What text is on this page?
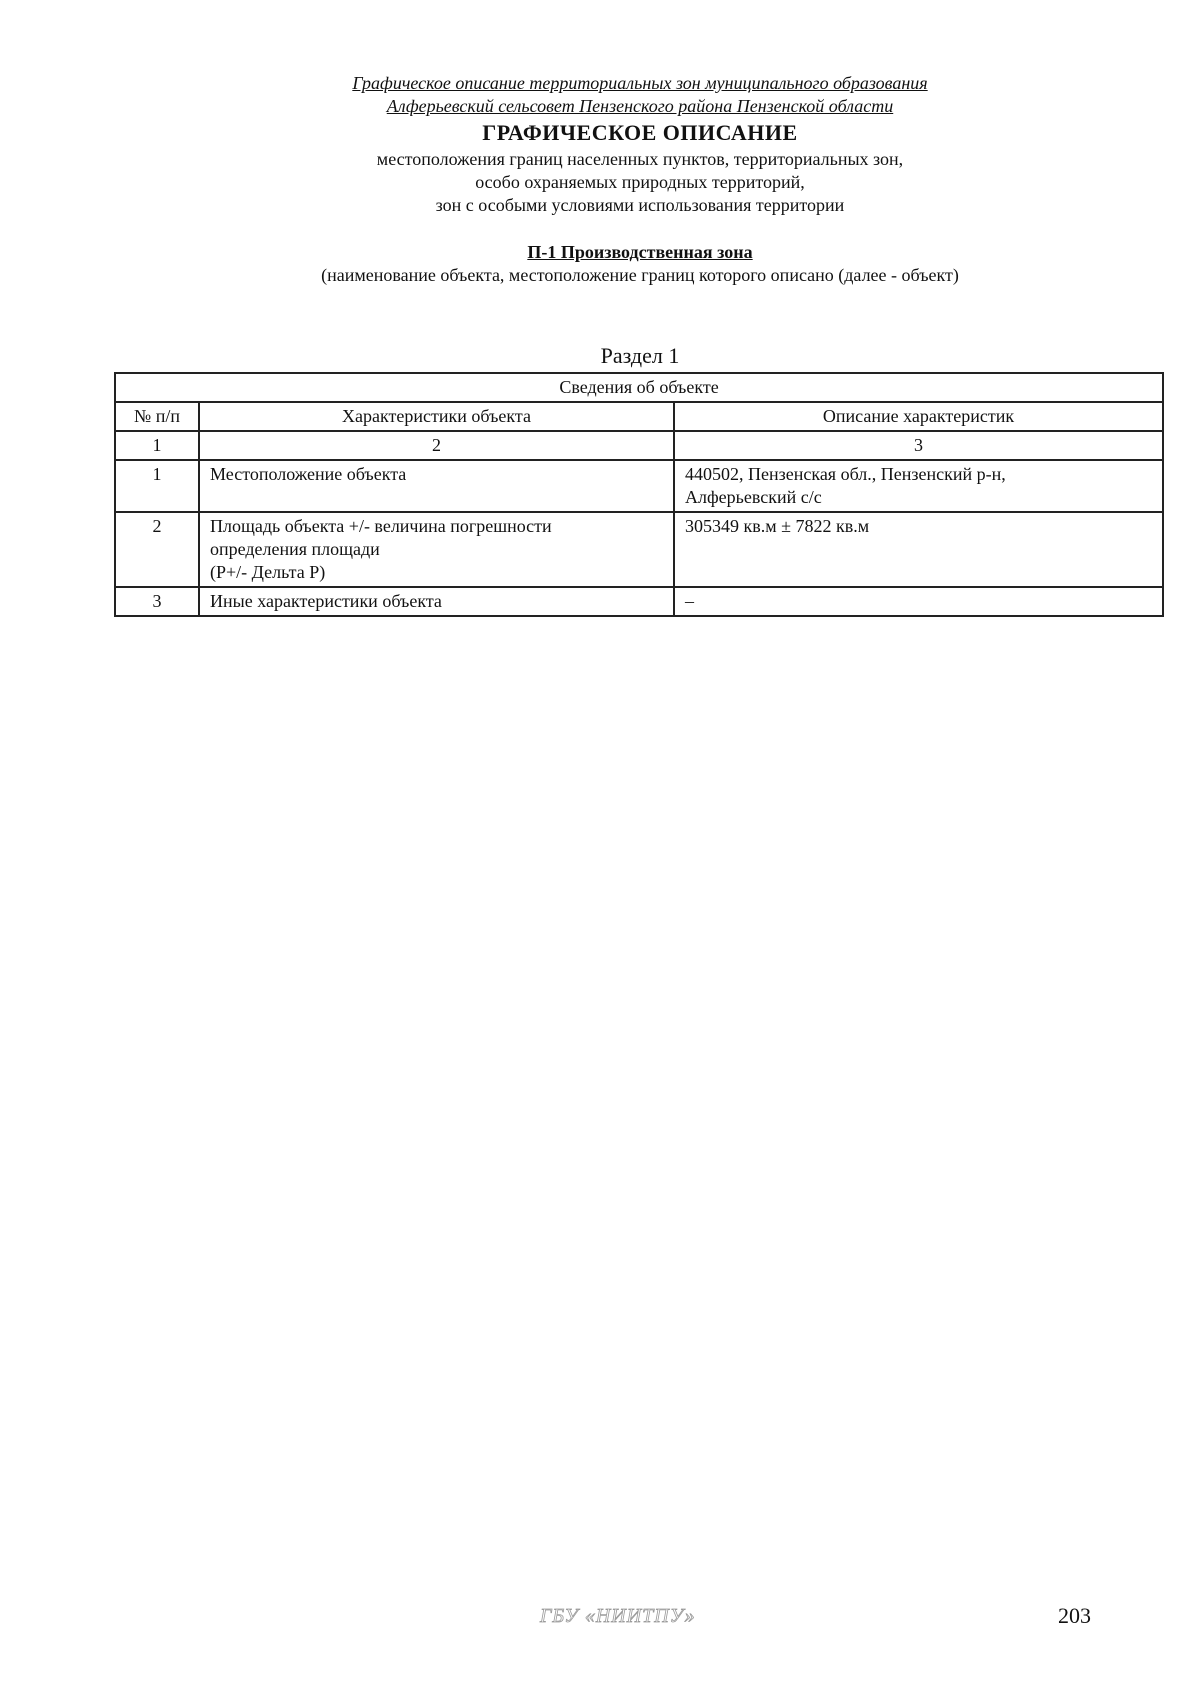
Графическое описание территориальных зон муниципального образования
Алферьевский сельсовет Пензенского района Пензенской области
ГРАФИЧЕСКОЕ ОПИСАНИЕ
местоположения границ населенных пунктов, территориальных зон,
особо охраняемых природных территорий,
зон с особыми условиями использования территории
П-1 Производственная зона
(наименование объекта, местоположение границ которого описано (далее - объект)
Раздел 1
Сведения об объекте		
№ п/п	Характеристики объекта	Описание характеристик
1	2	3
1	Местоположение объекта	440502, Пензенская обл., Пензенский р-н,
Алферьевский с/с

2	Площадь объекта +/- величина погрешности
определения площади
(Р+/- Дельта Р)	305349 кв.м ± 7822 кв.м

3	Иные характеристики объекта	–
ГБУ «НИИТПУ»	203
